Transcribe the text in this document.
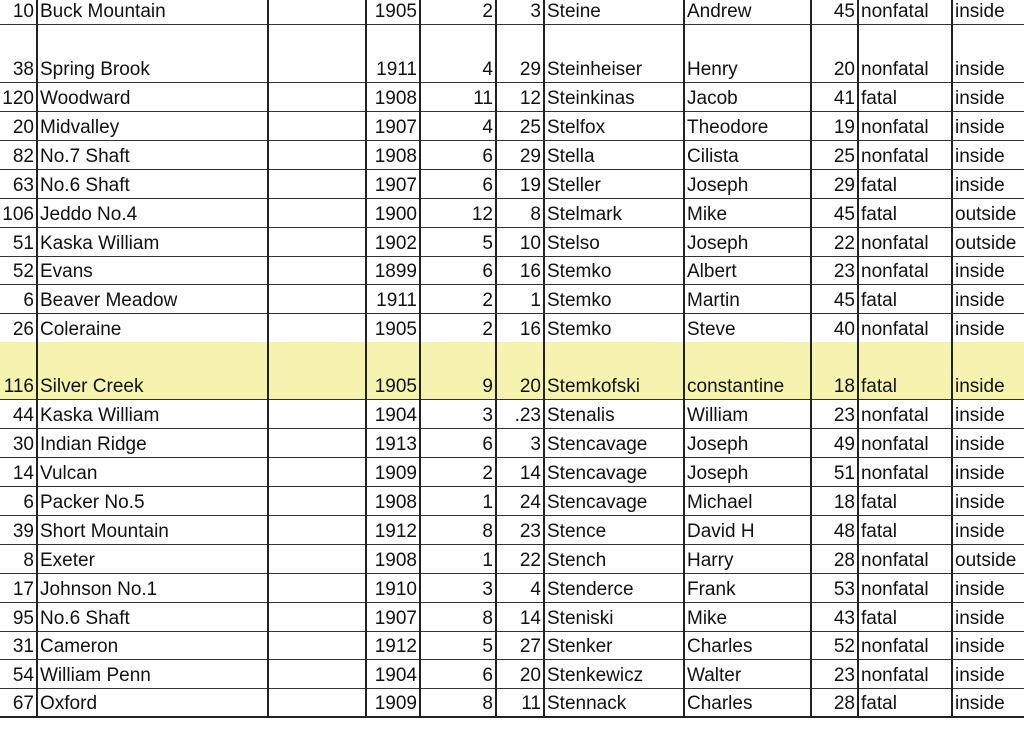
10 Buck Mountain	1905	2	3 Steine	Andrew	45 nonfatal	inside
38 Spring Brook	1911	4	29 Steinheiser	Henry	20 nonfatal	inside
120 Woodward	1908	11	12 Steinkinas	Jacob	41 fatal	inside
20 Midvalley	1907	4	25 Stelfox	Theodore	19 nonfatal	inside
82 No.7 Shaft	1908	6	29 Stella	Cilista	25 nonfatal	inside
63 No.6 Shaft	1907	6	19 Steller	Joseph	29 fatal	inside
106 Jeddo No.4	1900	12	8 Stelmark	Mike	45 fatal	outside
51 Kaska William	1902	5	10 Stelso	Joseph	22 nonfatal	outside
52 Evans	1899	6	16 Stemko	Albert	23 nonfatal	inside
6 Beaver Meadow	1911	2	1 Stemko	Martin	45 fatal	inside
26 Coleraine	1905	2	16 Stemko	Steve	40 nonfatal	inside
116 Silver Creek	1905	9	20 Stemkofski	constantine	18 fatal	inside
44 Kaska William	1904	3	.23 Stenalis	William	23 nonfatal	inside
30 Indian Ridge	1913	6	3 Stencavage	Joseph	49 nonfatal	inside
14 Vulcan	1909	2	14 Stencavage	Joseph	51 nonfatal	inside
6 Packer No.5	1908	1	24 Stencavage	Michael	18 fatal	inside
39 Short Mountain	1912	8	23 Stence	David H	48 fatal	inside
8 Exeter	1908	1	22 Stench	Harry	28 nonfatal	outside
17 Johnson No.1	1910	3	4 Stenderce	Frank	53 nonfatal	inside
95 No.6 Shaft	1907	8	14 Steniski	Mike	43 fatal	inside
31 Cameron	1912	5	27 Stenker	Charles	52 nonfatal	inside
54 William Penn	1904	6	20 Stenkewicz	Walter	23 nonfatal	inside
67 Oxford	1909	8	11 Stennack	Charles	28 fatal	inside
